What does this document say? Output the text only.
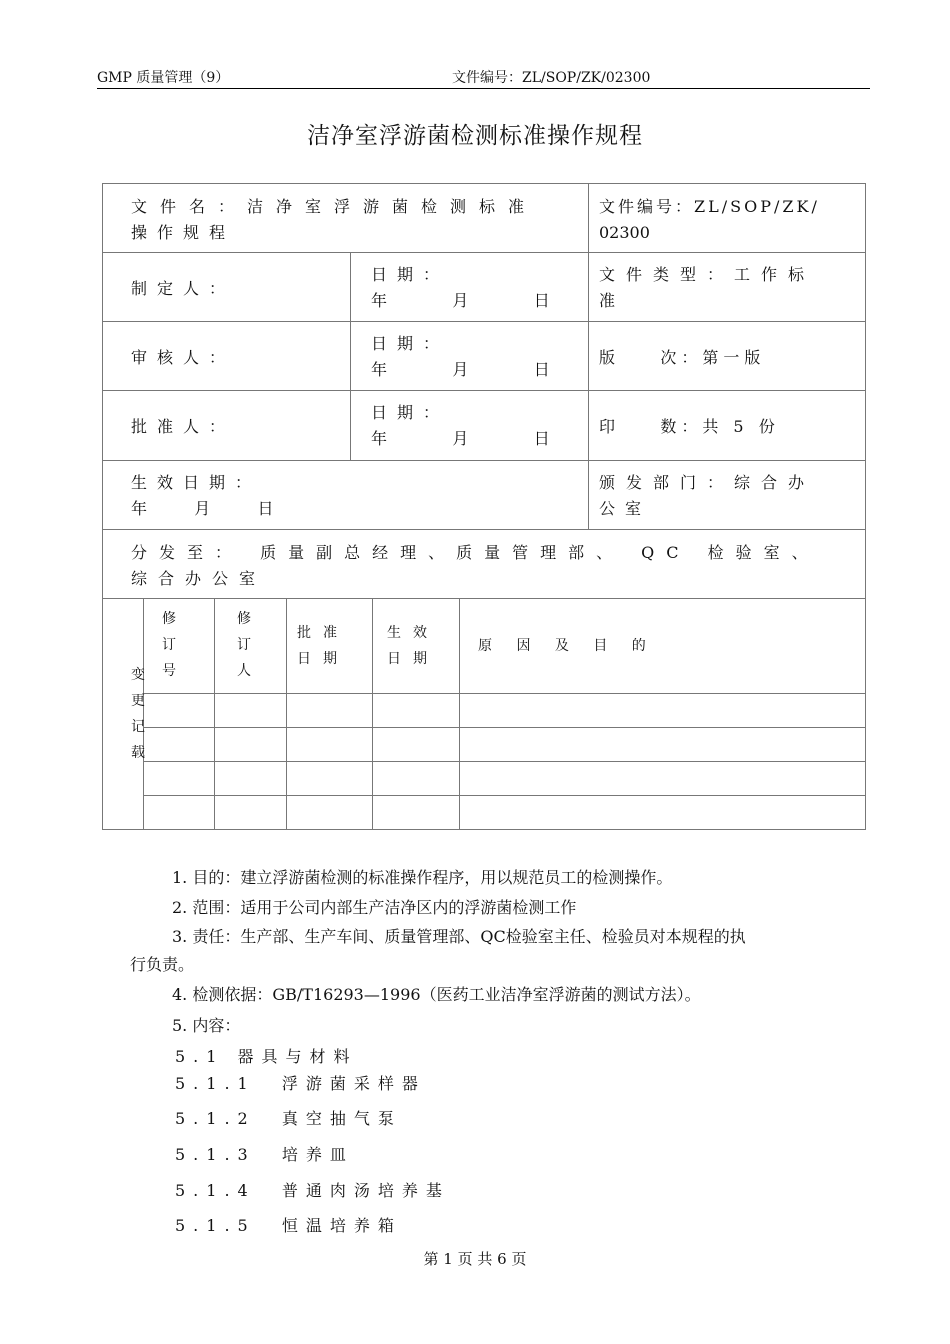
GMP 质量管理（9）	文件编号：ZL/SOP/ZK/02300
洁净室浮游菌检测标准操作规程
文件名：洁净室浮游菌检测标准
操作规程
文件编号：ZL/SOP/ZK/
02300
制定人：
日期：
年    月    日
文件类型：工作标
准
审核人：
日期：
年    月    日
版    次：第一版
批准人：
日期：
年    月    日
印    数：共 5 份
生效日期：
年   月   日
颁发部门：综合办
公室
分发至： 质量副总经理、质量管理部、 QC 检验室、
综合办公室
变
更
记
载
修
订
号
修
订
人
批准
日期
生效
日期
原 因 及 目 的
1. 目的：建立浮游菌检测的标准操作程序，用以规范员工的检测操作。
2. 范围：适用于公司内部生产洁净区内的浮游菌检测工作
3. 责任：生产部、生产车间、质量管理部、QC检验室主任、检验员对本规程的执
行负责。
4. 检测依据：GB/T16293—1996（医药工业洁净室浮游菌的测试方法）。
5. 内容：
5.1 器具与材料
5.1.1  浮游菌采样器
5.1.2  真空抽气泵
5.1.3  培养皿
5.1.4  普通肉汤培养基
5.1.5  恒温培养箱
第 1 页 共 6 页
